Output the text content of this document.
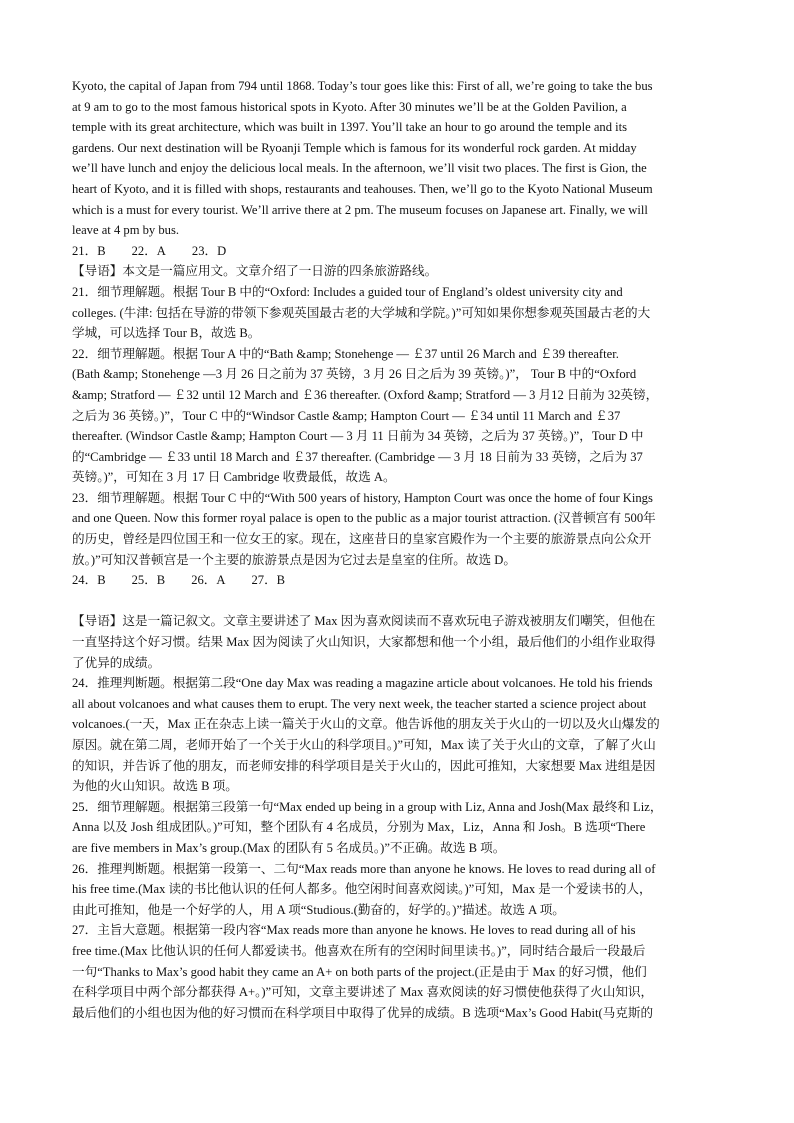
Kyoto, the capital of Japan from 794 until 1868. Today’s tour goes like this: First of all, we’re going to take the bus

at 9 am to go to the most famous historical spots in Kyoto. After 30 minutes we’ll be at the Golden Pavilion, a

temple with its great architecture, which was built in 1397. You’ll take an hour to go around the temple and its

gardens. Our next destination will be Ryoanji Temple which is famous for its wonderful rock garden. At midday

we’ll have lunch and enjoy the delicious local meals. In the afternoon, we’ll visit two places. The first is Gion, the

heart of Kyoto, and it is filled with shops, restaurants and teahouses. Then, we’ll go to the Kyoto National Museum

which is a must for every tourist. We’ll arrive there at 2 pm. The museum focuses on Japanese art. Finally, we will

leave at 4 pm by bus.

21．B 22．A 23．D

【导语】本文是一篇应用文。文章介绍了一日游的四条旅游路线。

21．细节理解题。根据 Tour B 中的“Oxford: Includes a guided tour of England’s oldest university city and

colleges. (牛津: 包括在导游的带领下参观英国最古老的大学城和学院。)”可知如果你想参观英国最古老的大

学城，可以选择 Tour B，故选 B。

22．细节理解题。根据 Tour A 中的“Bath &amp; Stonehenge — ￡37 until 26 March and ￡39 thereafter.

(Bath &amp; Stonehenge —3 月 26 日之前为 37 英镑，3 月 26 日之后为 39 英镑。)”， Tour B 中的“Oxford

&amp; Stratford — ￡32 until 12 March and ￡36 thereafter. (Oxford &amp; Stratford — 3 月12 日前为 32英镑，

之后为 36 英镑。)”，Tour C 中的“Windsor Castle &amp; Hampton Court — ￡34 until 11 March and ￡37

thereafter. (Windsor Castle &amp; Hampton Court — 3 月 11 日前为 34 英镑，之后为 37 英镑。)”，Tour D 中

的“Cambridge — ￡33 until 18 March and ￡37 thereafter. (Cambridge — 3 月 18 日前为 33 英镑，之后为 37

英镑。)”，可知在 3 月 17 日 Cambridge 收费最低，故选 A。

23．细节理解题。根据 Tour C 中的“With 500 years of history, Hampton Court was once the home of four Kings

and one Queen. Now this former royal palace is open to the public as a major tourist attraction. (汉普顿宫有 500年

的历史，曾经是四位国王和一位女王的家。现在，这座昔日的皇家宫殿作为一个主要的旅游景点向公众开

放。)”可知汉普顿宫是一个主要的旅游景点是因为它过去是皇室的住所。故选 D。

24．B 25．B 26．A 27．B

【导语】这是一篇记叙文。文章主要讲述了 Max 因为喜欢阅读而不喜欢玩电子游戏被朋友们嘲笑，但他在

一直坚持这个好习惯。结果 Max 因为阅读了火山知识，大家都想和他一个小组，最后他们的小组作业取得

了优异的成绩。

24．推理判断题。根据第二段“One day Max was reading a magazine article about volcanoes. He told his friends

all about volcanoes and what causes them to erupt. The very next week, the teacher started a science project about

volcanoes.(一天，Max 正在杂志上读一篇关于火山的文章。他告诉他的朋友关于火山的一切以及火山爆发的

原因。就在第二周，老师开始了一个关于火山的科学项目。)”可知，Max 读了关于火山的文章，了解了火山

的知识，并告诉了他的朋友，而老师安排的科学项目是关于火山的，因此可推知，大家想要 Max 进组是因

为他的火山知识。故选 B 项。

25．细节理解题。根据第三段第一句“Max ended up being in a group with Liz, Anna and Josh(Max 最终和 Liz，

Anna 以及 Josh 组成团队。)”可知，整个团队有 4 名成员，分别为 Max，Liz，Anna 和 Josh。B 选项“There

are five members in Max’s group.(Max 的团队有 5 名成员。)”不正确。故选 B 项。

26．推理判断题。根据第一段第一、二句“Max reads more than anyone he knows. He loves to read during all of

his free time.(Max 读的书比他认识的任何人都多。他空闲时间喜欢阅读。)”可知，Max 是一个爱读书的人，

由此可推知，他是一个好学的人，用 A 项“Studious.(勤奋的，好学的。)”描述。故选 A 项。

27．主旨大意题。根据第一段内容“Max reads more than anyone he knows. He loves to read during all of his

free time.(Max 比他认识的任何人都爱读书。他喜欢在所有的空闲时间里读书。)”，同时结合最后一段最后

一句“Thanks to Max’s good habit they came an A+ on both parts of the project.(正是由于 Max 的好习惯，他们

在科学项目中两个部分都获得 A+。)”可知，文章主要讲述了 Max 喜欢阅读的好习惯使他获得了火山知识，

最后他们的小组也因为他的好习惯而在科学项目中取得了优异的成绩。B 选项“Max’s Good Habit(马克斯的
